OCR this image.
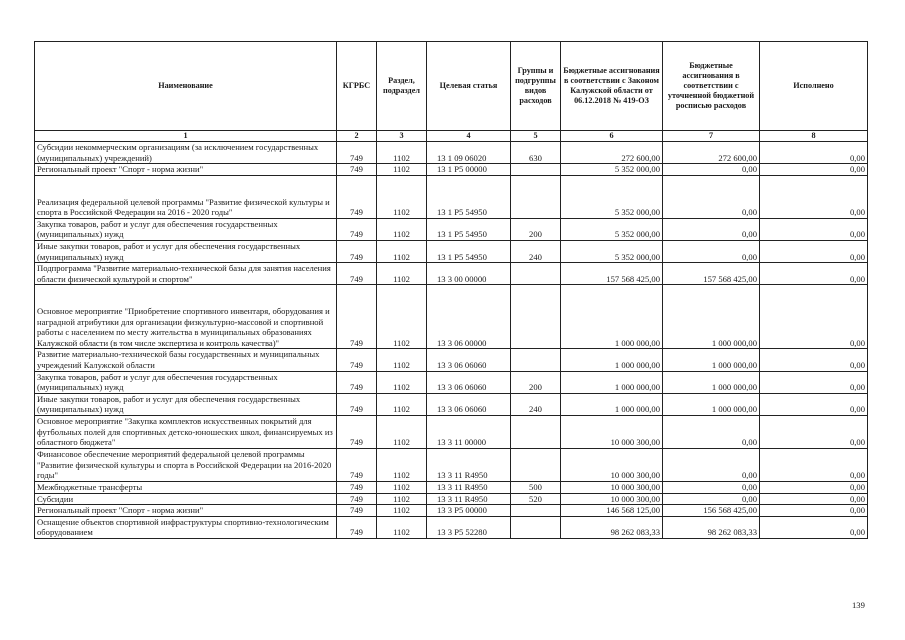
.
Наименование	КГРБС	Раздел, подраздел	Целевая статья	Группы и подгруппы видов расходов	Бюджетные ассигнования в соответствии с Законом Калужской области от 06.12.2018 № 419-ОЗ	Бюджетные ассигнования в соответствии с уточненной бюджетной росписью расходов	Исполнено
1	2	3	4	5	6	7	8
Субсидии некоммерческим организациям (за исключением государственных (муниципальных) учреждений)	749	1102	13 1 09 06020	630	272 600,00	272 600,00	0,00
Региональный проект "Спорт - норма жизни"	749	1102	13 1 P5 00000		5 352 000,00	0,00	0,00
Реализация федеральной целевой программы "Развитие физической культуры и спорта в Российской Федерации на 2016 - 2020 годы"	749	1102	13 1 P5 54950		5 352 000,00	0,00	0,00
Закупка товаров, работ и услуг для обеспечения государственных (муниципальных) нужд	749	1102	13 1 P5 54950	200	5 352 000,00	0,00	0,00
Иные закупки товаров, работ и услуг для обеспечения государственных (муниципальных) нужд	749	1102	13 1 P5 54950	240	5 352 000,00	0,00	0,00
Подпрограмма "Развитие материально-технической базы для занятия населения области физической культурой и спортом"	749	1102	13 3 00 00000		157 568 425,00	157 568 425,00	0,00
Основное мероприятие "Приобретение спортивного инвентаря, оборудования и наградной атрибутики для организации физкультурно-массовой и спортивной работы с населением по месту жительства в муниципальных образованиях Калужской области (в том числе экспертиза и контроль качества)"	749	1102	13 3 06 00000		1 000 000,00	1 000 000,00	0,00
Развитие материально-технической базы государственных и муниципальных учреждений Калужской области	749	1102	13 3 06 06060		1 000 000,00	1 000 000,00	0,00
Закупка товаров, работ и услуг для обеспечения государственных (муниципальных) нужд	749	1102	13 3 06 06060	200	1 000 000,00	1 000 000,00	0,00
Иные закупки товаров, работ и услуг для обеспечения государственных (муниципальных) нужд	749	1102	13 3 06 06060	240	1 000 000,00	1 000 000,00	0,00
Основное мероприятие "Закупка комплектов искусственных покрытий для футбольных полей для спортивных детско-юношеских школ, финансируемых из областного бюджета"	749	1102	13 3 11 00000		10 000 300,00	0,00	0,00
Финансовое обеспечение мероприятий федеральной целевой программы "Развитие физической культуры и спорта в Российской Федерации на 2016-2020 годы"	749	1102	13 3 11 R4950		10 000 300,00	0,00	0,00
Межбюджетные трансферты	749	1102	13 3 11 R4950	500	10 000 300,00	0,00	0,00
Субсидии	749	1102	13 3 11 R4950	520	10 000 300,00	0,00	0,00
Региональный проект "Спорт - норма жизни"	749	1102	13 3 P5 00000		146 568 125,00	156 568 425,00	0,00
Оснащение объектов спортивной инфраструктуры спортивно-технологическим оборудованием	749	1102	13 3 P5 52280		98 262 083,33	98 262 083,33	0,00
139
